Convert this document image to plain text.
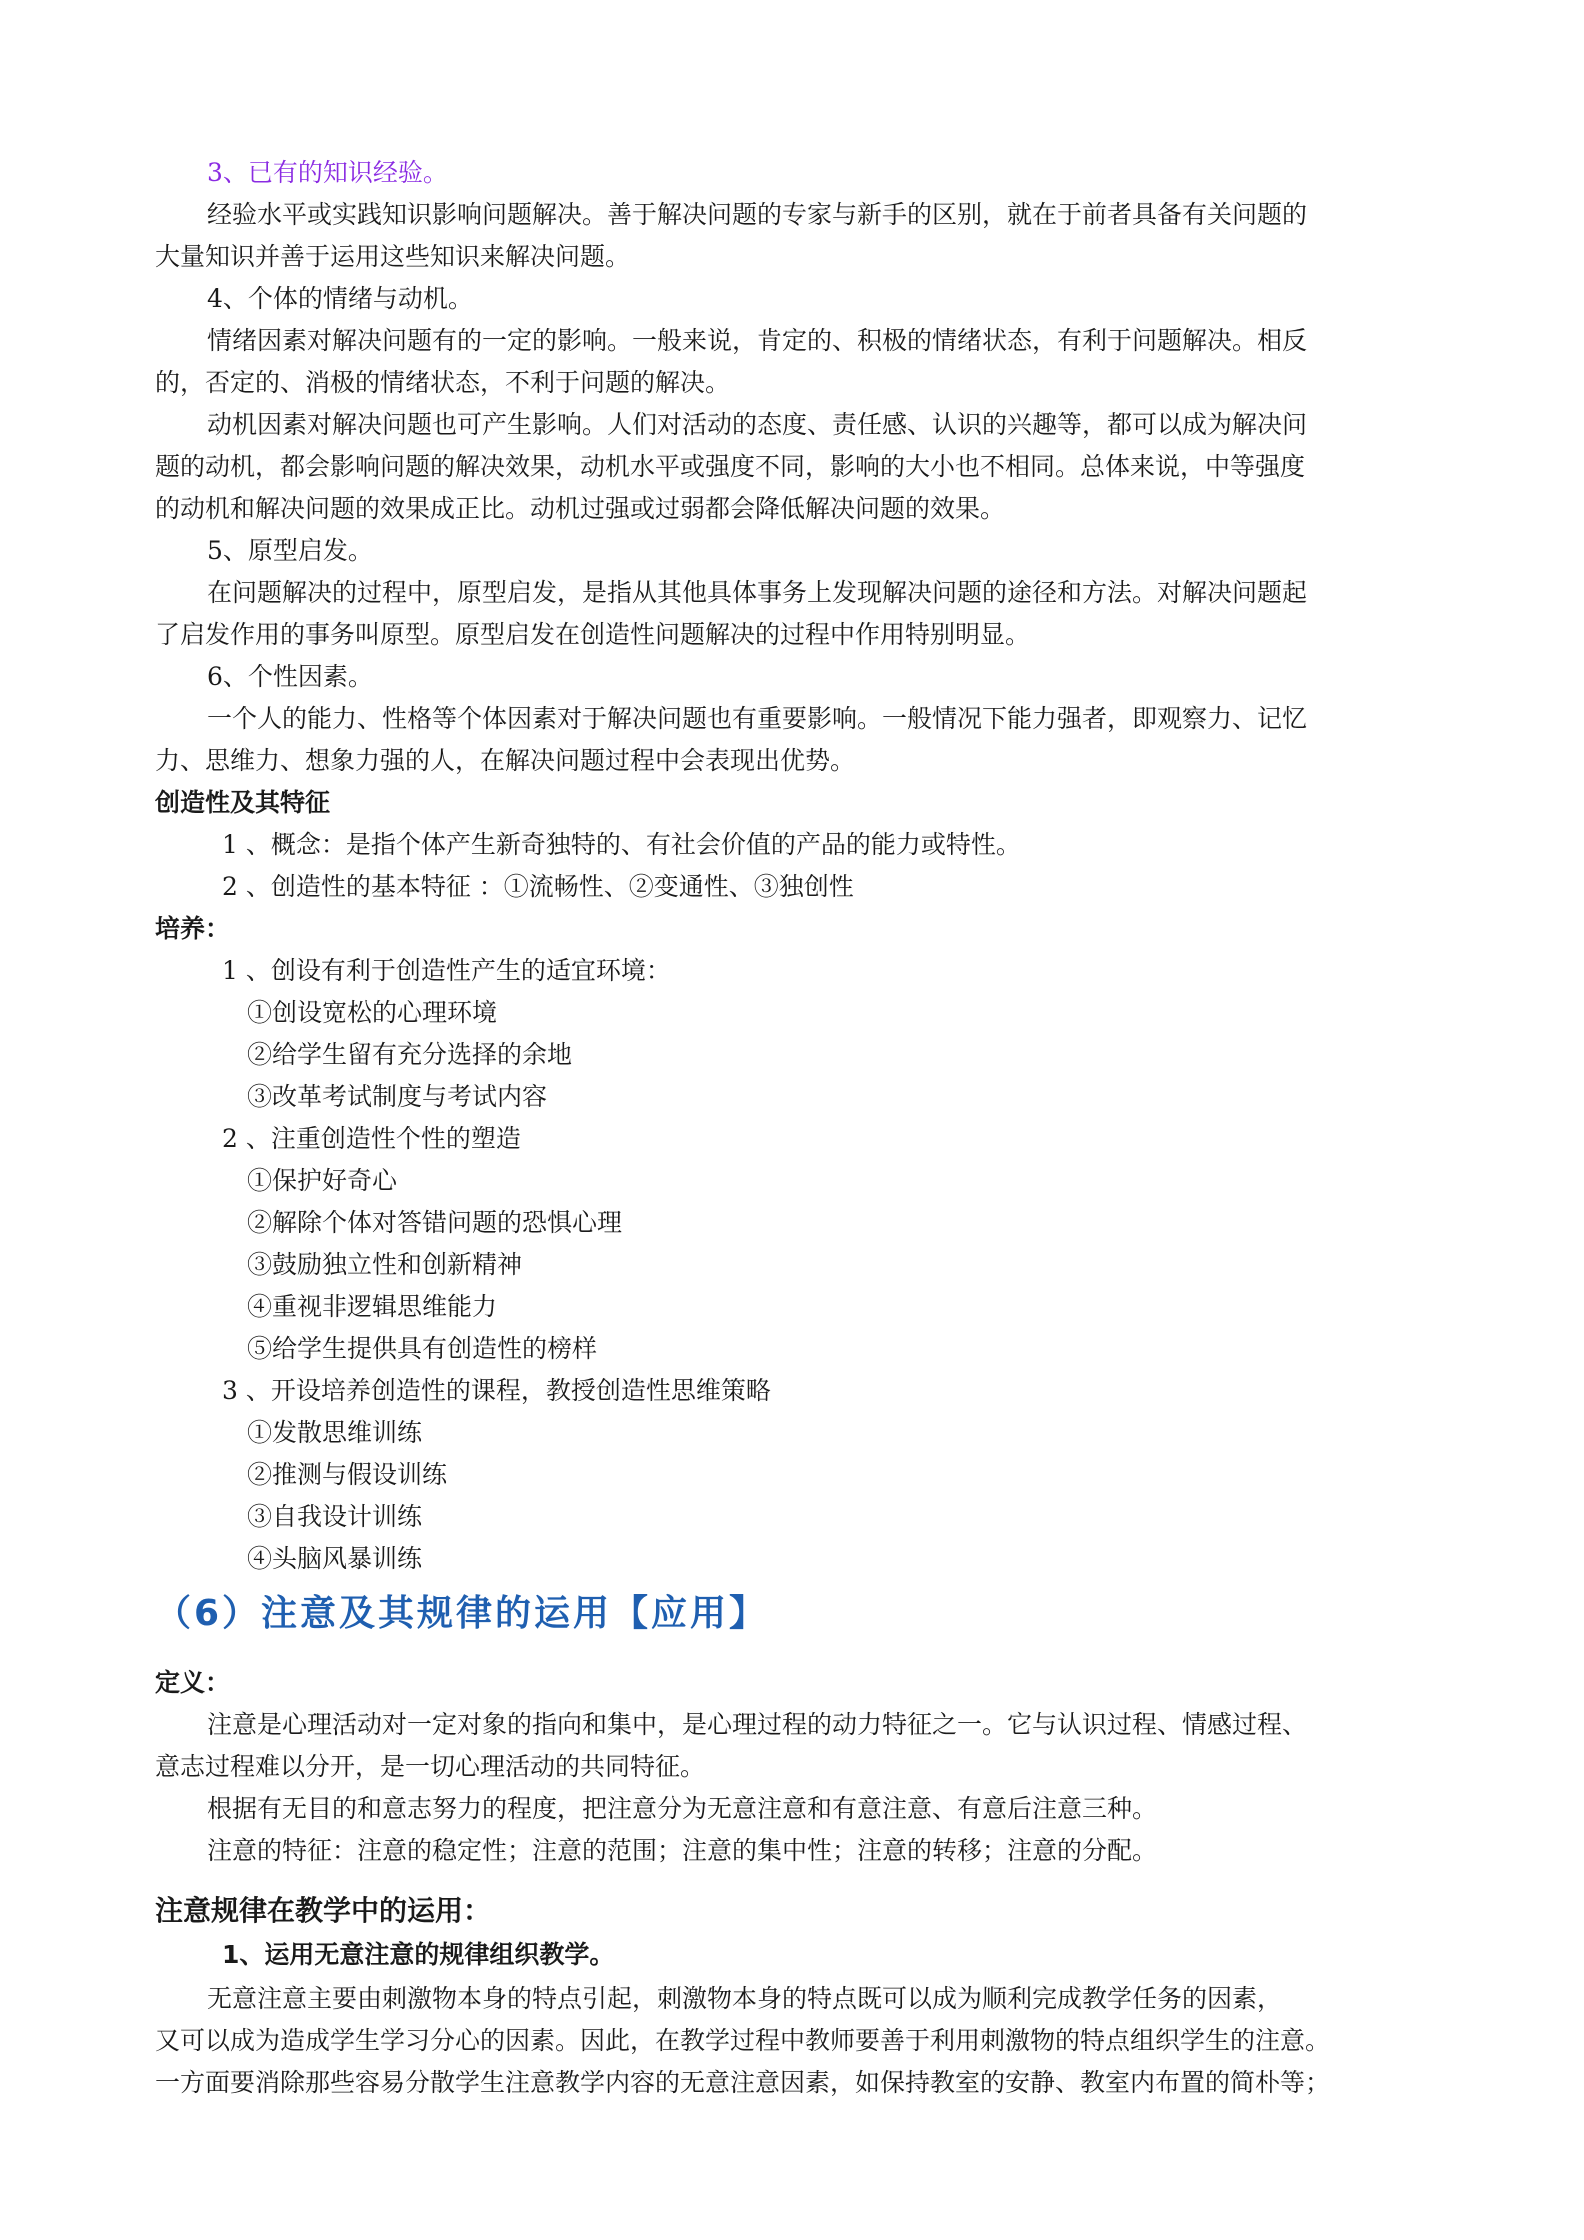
3、已有的知识经验。
经验水平或实践知识影响问题解决。善于解决问题的专家与新手的区别，就在于前者具备有关问题的
大量知识并善于运用这些知识来解决问题。
4、个体的情绪与动机。
情绪因素对解决问题有的一定的影响。一般来说，肯定的、积极的情绪状态，有利于问题解决。相反
的，否定的、消极的情绪状态，不利于问题的解决。
动机因素对解决问题也可产生影响。人们对活动的态度、责任感、认识的兴趣等，都可以成为解决问
题的动机，都会影响问题的解决效果，动机水平或强度不同，影响的大小也不相同。总体来说，中等强度
的动机和解决问题的效果成正比。动机过强或过弱都会降低解决问题的效果。
5、原型启发。
在问题解决的过程中，原型启发，是指从其他具体事务上发现解决问题的途径和方法。对解决问题起
了启发作用的事务叫原型。原型启发在创造性问题解决的过程中作用特别明显。
6、个性因素。
一个人的能力、性格等个体因素对于解决问题也有重要影响。一般情况下能力强者，即观察力、记忆
力、思维力、想象力强的人，在解决问题过程中会表现出优势。
创造性及其特征
1 、概念：是指个体产生新奇独特的、有社会价值的产品的能力或特性。
2 、创造性的基本特征 ：①流畅性、②变通性、③独创性
培养：
1 、创设有利于创造性产生的适宜环境：
①创设宽松的心理环境
②给学生留有充分选择的余地
③改革考试制度与考试内容
2 、注重创造性个性的塑造
①保护好奇心
②解除个体对答错问题的恐惧心理
③鼓励独立性和创新精神
④重视非逻辑思维能力
⑤给学生提供具有创造性的榜样
3 、开设培养创造性的课程，教授创造性思维策略
①发散思维训练
②推测与假设训练
③自我设计训练
④头脑风暴训练
（6）注意及其规律的运用【应用】
定义：
注意是心理活动对一定对象的指向和集中，是心理过程的动力特征之一。它与认识过程、情感过程、
意志过程难以分开，是一切心理活动的共同特征。
根据有无目的和意志努力的程度，把注意分为无意注意和有意注意、有意后注意三种。
注意的特征：注意的稳定性；注意的范围；注意的集中性；注意的转移；注意的分配。
注意规律在教学中的运用：
1、运用无意注意的规律组织教学。
无意注意主要由刺激物本身的特点引起，刺激物本身的特点既可以成为顺利完成教学任务的因素，
又可以成为造成学生学习分心的因素。因此，在教学过程中教师要善于利用刺激物的特点组织学生的注意。
一方面要消除那些容易分散学生注意教学内容的无意注意因素，如保持教室的安静、教室内布置的简朴等；
